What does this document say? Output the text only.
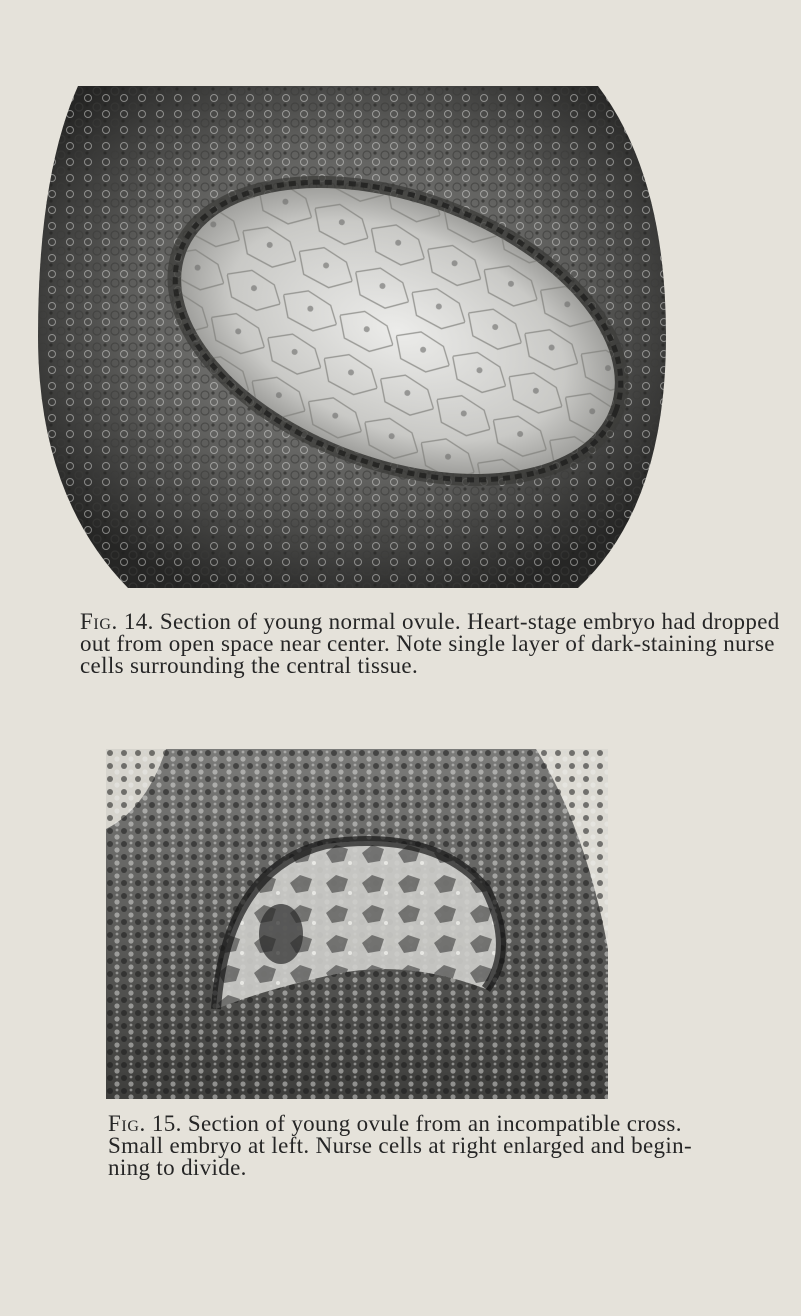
Fig. 14. Section of young normal ovule. Heart-stage embryo had dropped
out from open space near center. Note single layer of dark-staining nurse
cells surrounding the central tissue.

Fig. 15. Section of young ovule from an incompatible cross.
Small embryo at left. Nurse cells at right enlarged and begin-
ning to divide.
